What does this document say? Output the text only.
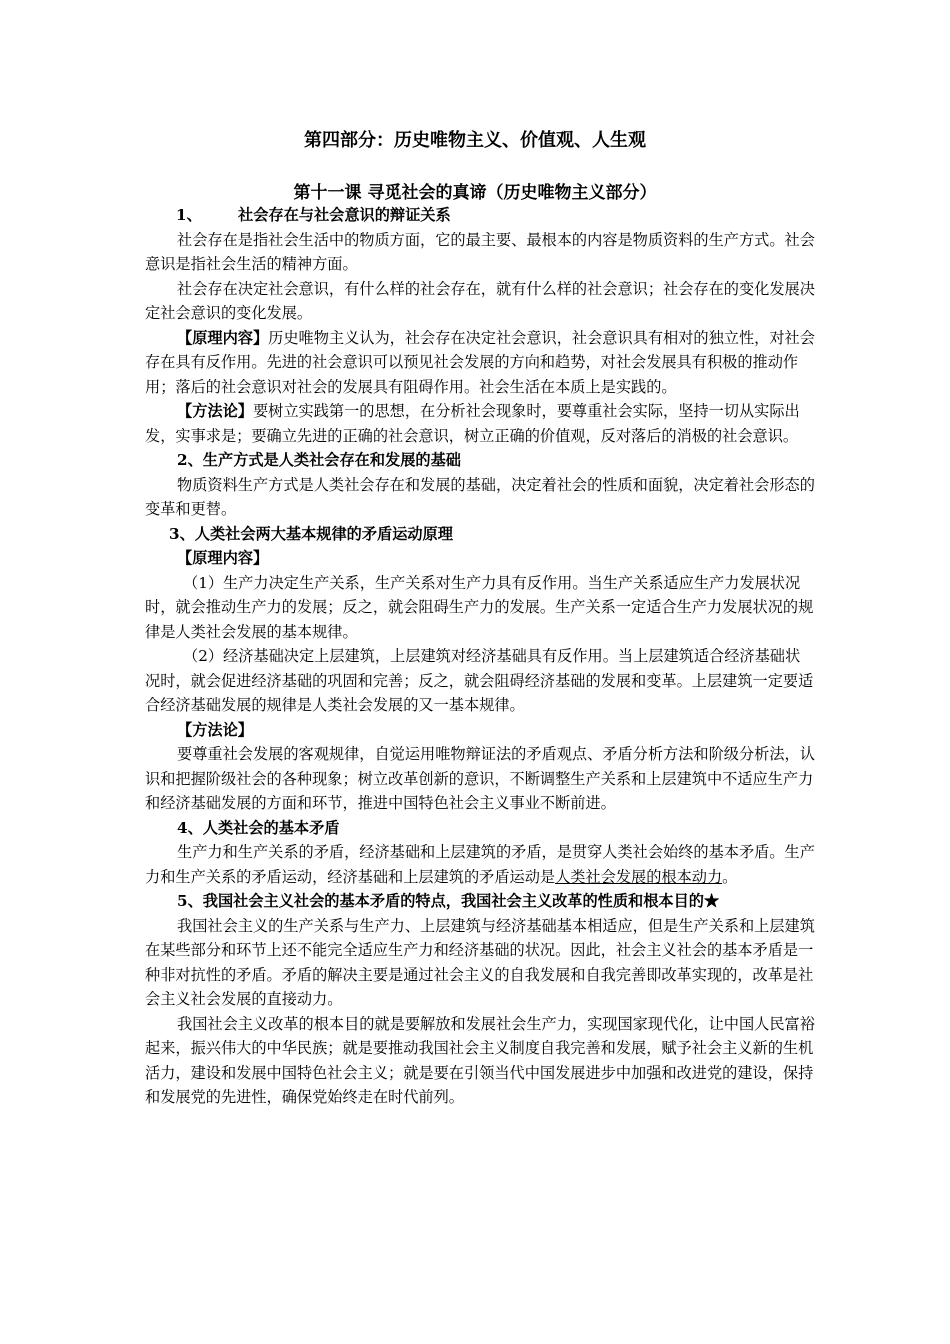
第四部分：历史唯物主义、价值观、人生观
第十一课 寻觅社会的真谛（历史唯物主义部分）

1、 社会存在与社会意识的辩证关系

社会存在是指社会生活中的物质方面，它的最主要、最根本的内容是物质资料的生产方式。社会意识是指社会生活的精神方面。

社会存在决定社会意识，有什么样的社会存在，就有什么样的社会意识；社会存在的变化发展决定社会意识的变化发展。

【原理内容】历史唯物主义认为，社会存在决定社会意识，社会意识具有相对的独立性，对社会存在具有反作用。先进的社会意识可以预见社会发展的方向和趋势，对社会发展具有积极的推动作用；落后的社会意识对社会的发展具有阻碍作用。社会生活在本质上是实践的。

【方法论】要树立实践第一的思想，在分析社会现象时，要尊重社会实际，坚持一切从实际出发，实事求是；要确立先进的正确的社会意识，树立正确的价值观，反对落后的消极的社会意识。

2、生产方式是人类社会存在和发展的基础

物质资料生产方式是人类社会存在和发展的基础，决定着社会的性质和面貌，决定着社会形态的变革和更替。

3、人类社会两大基本规律的矛盾运动原理

【原理内容】

（1）生产力决定生产关系，生产关系对生产力具有反作用。当生产关系适应生产力发展状况时，就会推动生产力的发展；反之，就会阻碍生产力的发展。生产关系一定适合生产力发展状况的规律是人类社会发展的基本规律。

（2）经济基础决定上层建筑，上层建筑对经济基础具有反作用。当上层建筑适合经济基础状况时，就会促进经济基础的巩固和完善；反之，就会阻碍经济基础的发展和变革。上层建筑一定要适合经济基础发展的规律是人类社会发展的又一基本规律。

【方法论】

要尊重社会发展的客观规律，自觉运用唯物辩证法的矛盾观点、矛盾分析方法和阶级分析法，认识和把握阶级社会的各种现象；树立改革创新的意识，不断调整生产关系和上层建筑中不适应生产力和经济基础发展的方面和环节，推进中国特色社会主义事业不断前进。

4、人类社会的基本矛盾

生产力和生产关系的矛盾，经济基础和上层建筑的矛盾，是贯穿人类社会始终的基本矛盾。生产力和生产关系的矛盾运动，经济基础和上层建筑的矛盾运动是人类社会发展的根本动力。

5、我国社会主义社会的基本矛盾的特点，我国社会主义改革的性质和根本目的★

我国社会主义的生产关系与生产力、上层建筑与经济基础基本相适应，但是生产关系和上层建筑在某些部分和环节上还不能完全适应生产力和经济基础的状况。因此，社会主义社会的基本矛盾是一种非对抗性的矛盾。矛盾的解决主要是通过社会主义的自我发展和自我完善即改革实现的，改革是社会主义社会发展的直接动力。

我国社会主义改革的根本目的就是要解放和发展社会生产力，实现国家现代化，让中国人民富裕起来，振兴伟大的中华民族；就是要推动我国社会主义制度自我完善和发展，赋予社会主义新的生机活力，建设和发展中国特色社会主义；就是要在引领当代中国发展进步中加强和改进党的建设，保持和发展党的先进性，确保党始终走在时代前列。
